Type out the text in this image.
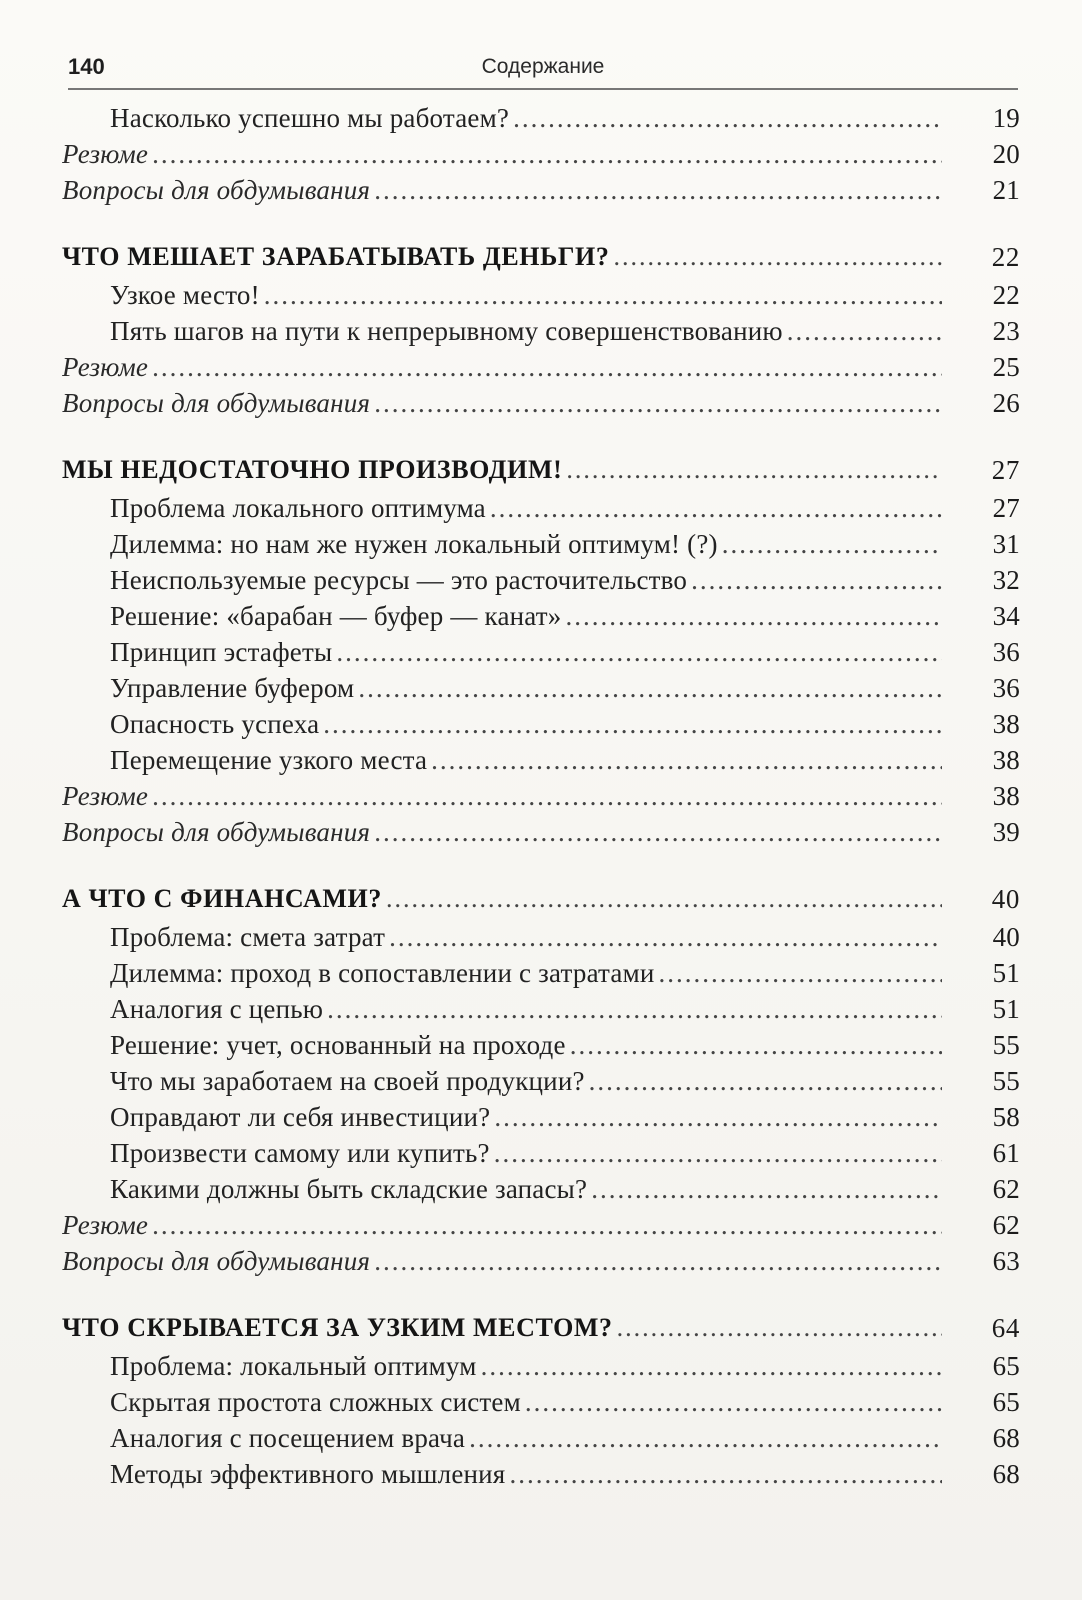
140	Содержание
Насколько успешно мы работаем? .....	19
Резюме .....	20
Вопросы для обдумывания .....	21
ЧТО МЕШАЕТ ЗАРАБАТЫВАТЬ ДЕНЬГИ? .....	22
Узкое место! .....	22
Пять шагов на пути к непрерывному совершенствованию .....	23
Резюме .....	25
Вопросы для обдумывания .....	26
МЫ НЕДОСТАТОЧНО ПРОИЗВОДИМ! .....	27
Проблема локального оптимума .....	27
Дилемма: но нам же нужен локальный оптимум! (?) .....	31
Неиспользуемые ресурсы — это расточительство .....	32
Решение: «барабан — буфер — канат» .....	34
Принцип эстафеты .....	36
Управление буфером .....	36
Опасность успеха .....	38
Перемещение узкого места .....	38
Резюме .....	38
Вопросы для обдумывания .....	39
А ЧТО С ФИНАНСАМИ? .....	40
Проблема: смета затрат .....	40
Дилемма: проход в сопоставлении с затратами .....	51
Аналогия с цепью .....	51
Решение: учет, основанный на проходе .....	55
Что мы заработаем на своей продукции? .....	55
Оправдают ли себя инвестиции? .....	58
Произвести самому или купить? .....	61
Какими должны быть складские запасы? .....	62
Резюме .....	62
Вопросы для обдумывания .....	63
ЧТО СКРЫВАЕТСЯ ЗА УЗКИМ МЕСТОМ? .....	64
Проблема: локальный оптимум .....	65
Скрытая простота сложных систем .....	65
Аналогия с посещением врача .....	68
Методы эффективного мышления .....	68
